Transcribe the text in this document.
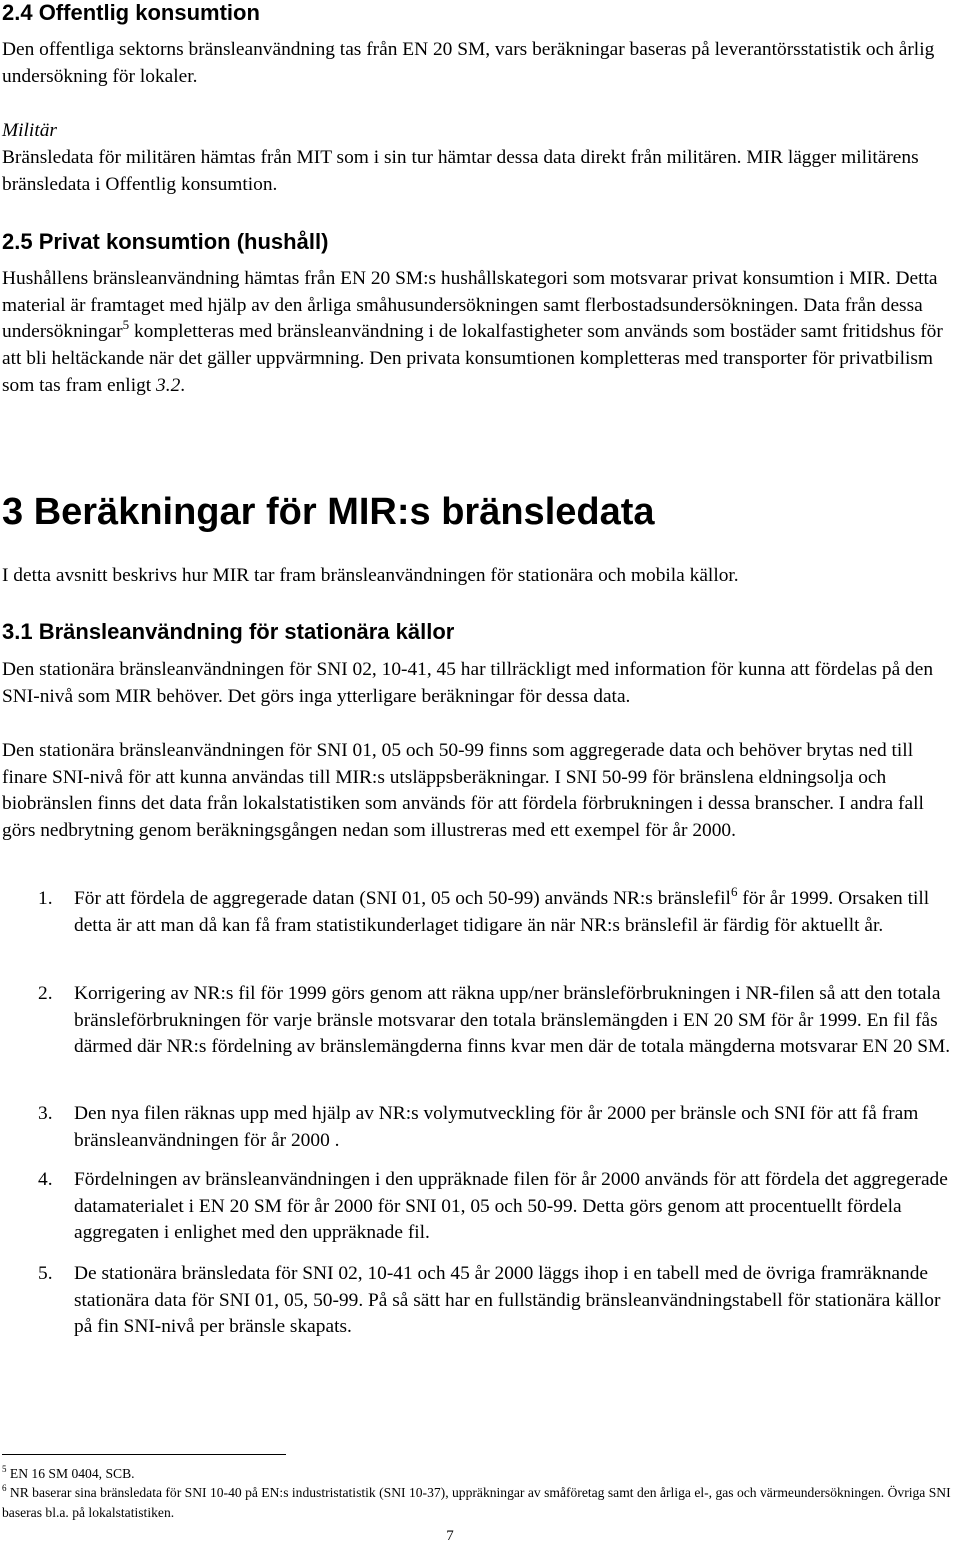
2.4 Offentlig konsumtion

Den offentliga sektorns bränsleanvändning tas från EN 20 SM, vars beräkningar baseras på leverantörsstatistik och årlig undersökning för lokaler.

Militär

Bränsledata för militären hämtas från MIT som i sin tur hämtar dessa data direkt från militären. MIR lägger militärens bränsledata i Offentlig konsumtion.

2.5 Privat konsumtion (hushåll)

Hushållens bränsleanvändning hämtas från EN 20 SM:s hushållskategori som motsvarar privat konsumtion i MIR. Detta material är framtaget med hjälp av den årliga småhusundersökningen samt flerbostadsundersökningen. Data från dessa undersökningar$^5$ kompletteras med bränsleanvändning i de lokalfastigheter som används som bostäder samt fritidshus för att bli heltäckande när det gäller uppvärmning. Den privata konsumtionen kompletteras med transporter för privatbilism som tas fram enligt 3.2.

3 Beräkningar för MIR:s bränsledata

I detta avsnitt beskrivs hur MIR tar fram bränsleanvändningen för stationära och mobila källor.

3.1 Bränsleanvändning för stationära källor

Den stationära bränsleanvändningen för SNI 02, 10-41, 45 har tillräckligt med information för kunna att fördelas på den SNI-nivå som MIR behöver. Det görs inga ytterligare beräkningar för dessa data.

Den stationära bränsleanvändningen för SNI 01, 05 och 50-99 finns som aggregerade data och behöver brytas ned till finare SNI-nivå för att kunna användas till MIR:s utsläppsberäkningar. I SNI 50-99 för bränslena eldningsolja och biobränslen finns det data från lokalstatistiken som används för att fördela förbrukningen i dessa branscher. I andra fall görs nedbrytning genom beräkningsgången nedan som illustreras med ett exempel för år 2000.

1. För att fördela de aggregerade datan (SNI 01, 05 och 50-99) används NR:s bränslefil$^6$ för år 1999. Orsaken till detta är att man då kan få fram statistikunderlaget tidigare än när NR:s bränslefil är färdig för aktuellt år.
2. Korrigering av NR:s fil för 1999 görs genom att räkna upp/ner bränsleförbrukningen i NR-filen så att den totala bränsleförbrukningen för varje bränsle motsvarar den totala bränslemängden i EN 20 SM för år 1999. En fil fås därmed där NR:s fördelning av bränslemängderna finns kvar men där de totala mängderna motsvarar EN 20 SM.
3. Den nya filen räknas upp med hjälp av NR:s volymutveckling för år 2000 per bränsle och SNI för att få fram bränsleanvändningen för år 2000 .
4. Fördelningen av bränsleanvändningen i den uppräknade filen för år 2000 används för att fördela det aggregerade datamaterialet i EN 20 SM för år 2000 för SNI 01, 05 och 50-99. Detta görs genom att procentuellt fördela aggregaten i enlighet med den uppräknade fil.
5. De stationära bränsledata för SNI 02, 10-41 och 45 år 2000 läggs ihop i en tabell med de övriga framräknande stationära data för SNI 01, 05, 50-99. På så sätt har en fullständig bränsleanvändningstabell för stationära källor på fin SNI-nivå per bränsle skapats.
$^5$ EN 16 SM 0404, SCB.
$^6$ NR baserar sina bränsledata för SNI 10-40 på EN:s industristatistik (SNI 10-37), uppräkningar av småföretag samt den årliga el-, gas och värmeundersökningen. Övriga SNI baseras bl.a. på lokalstatistiken.
7
